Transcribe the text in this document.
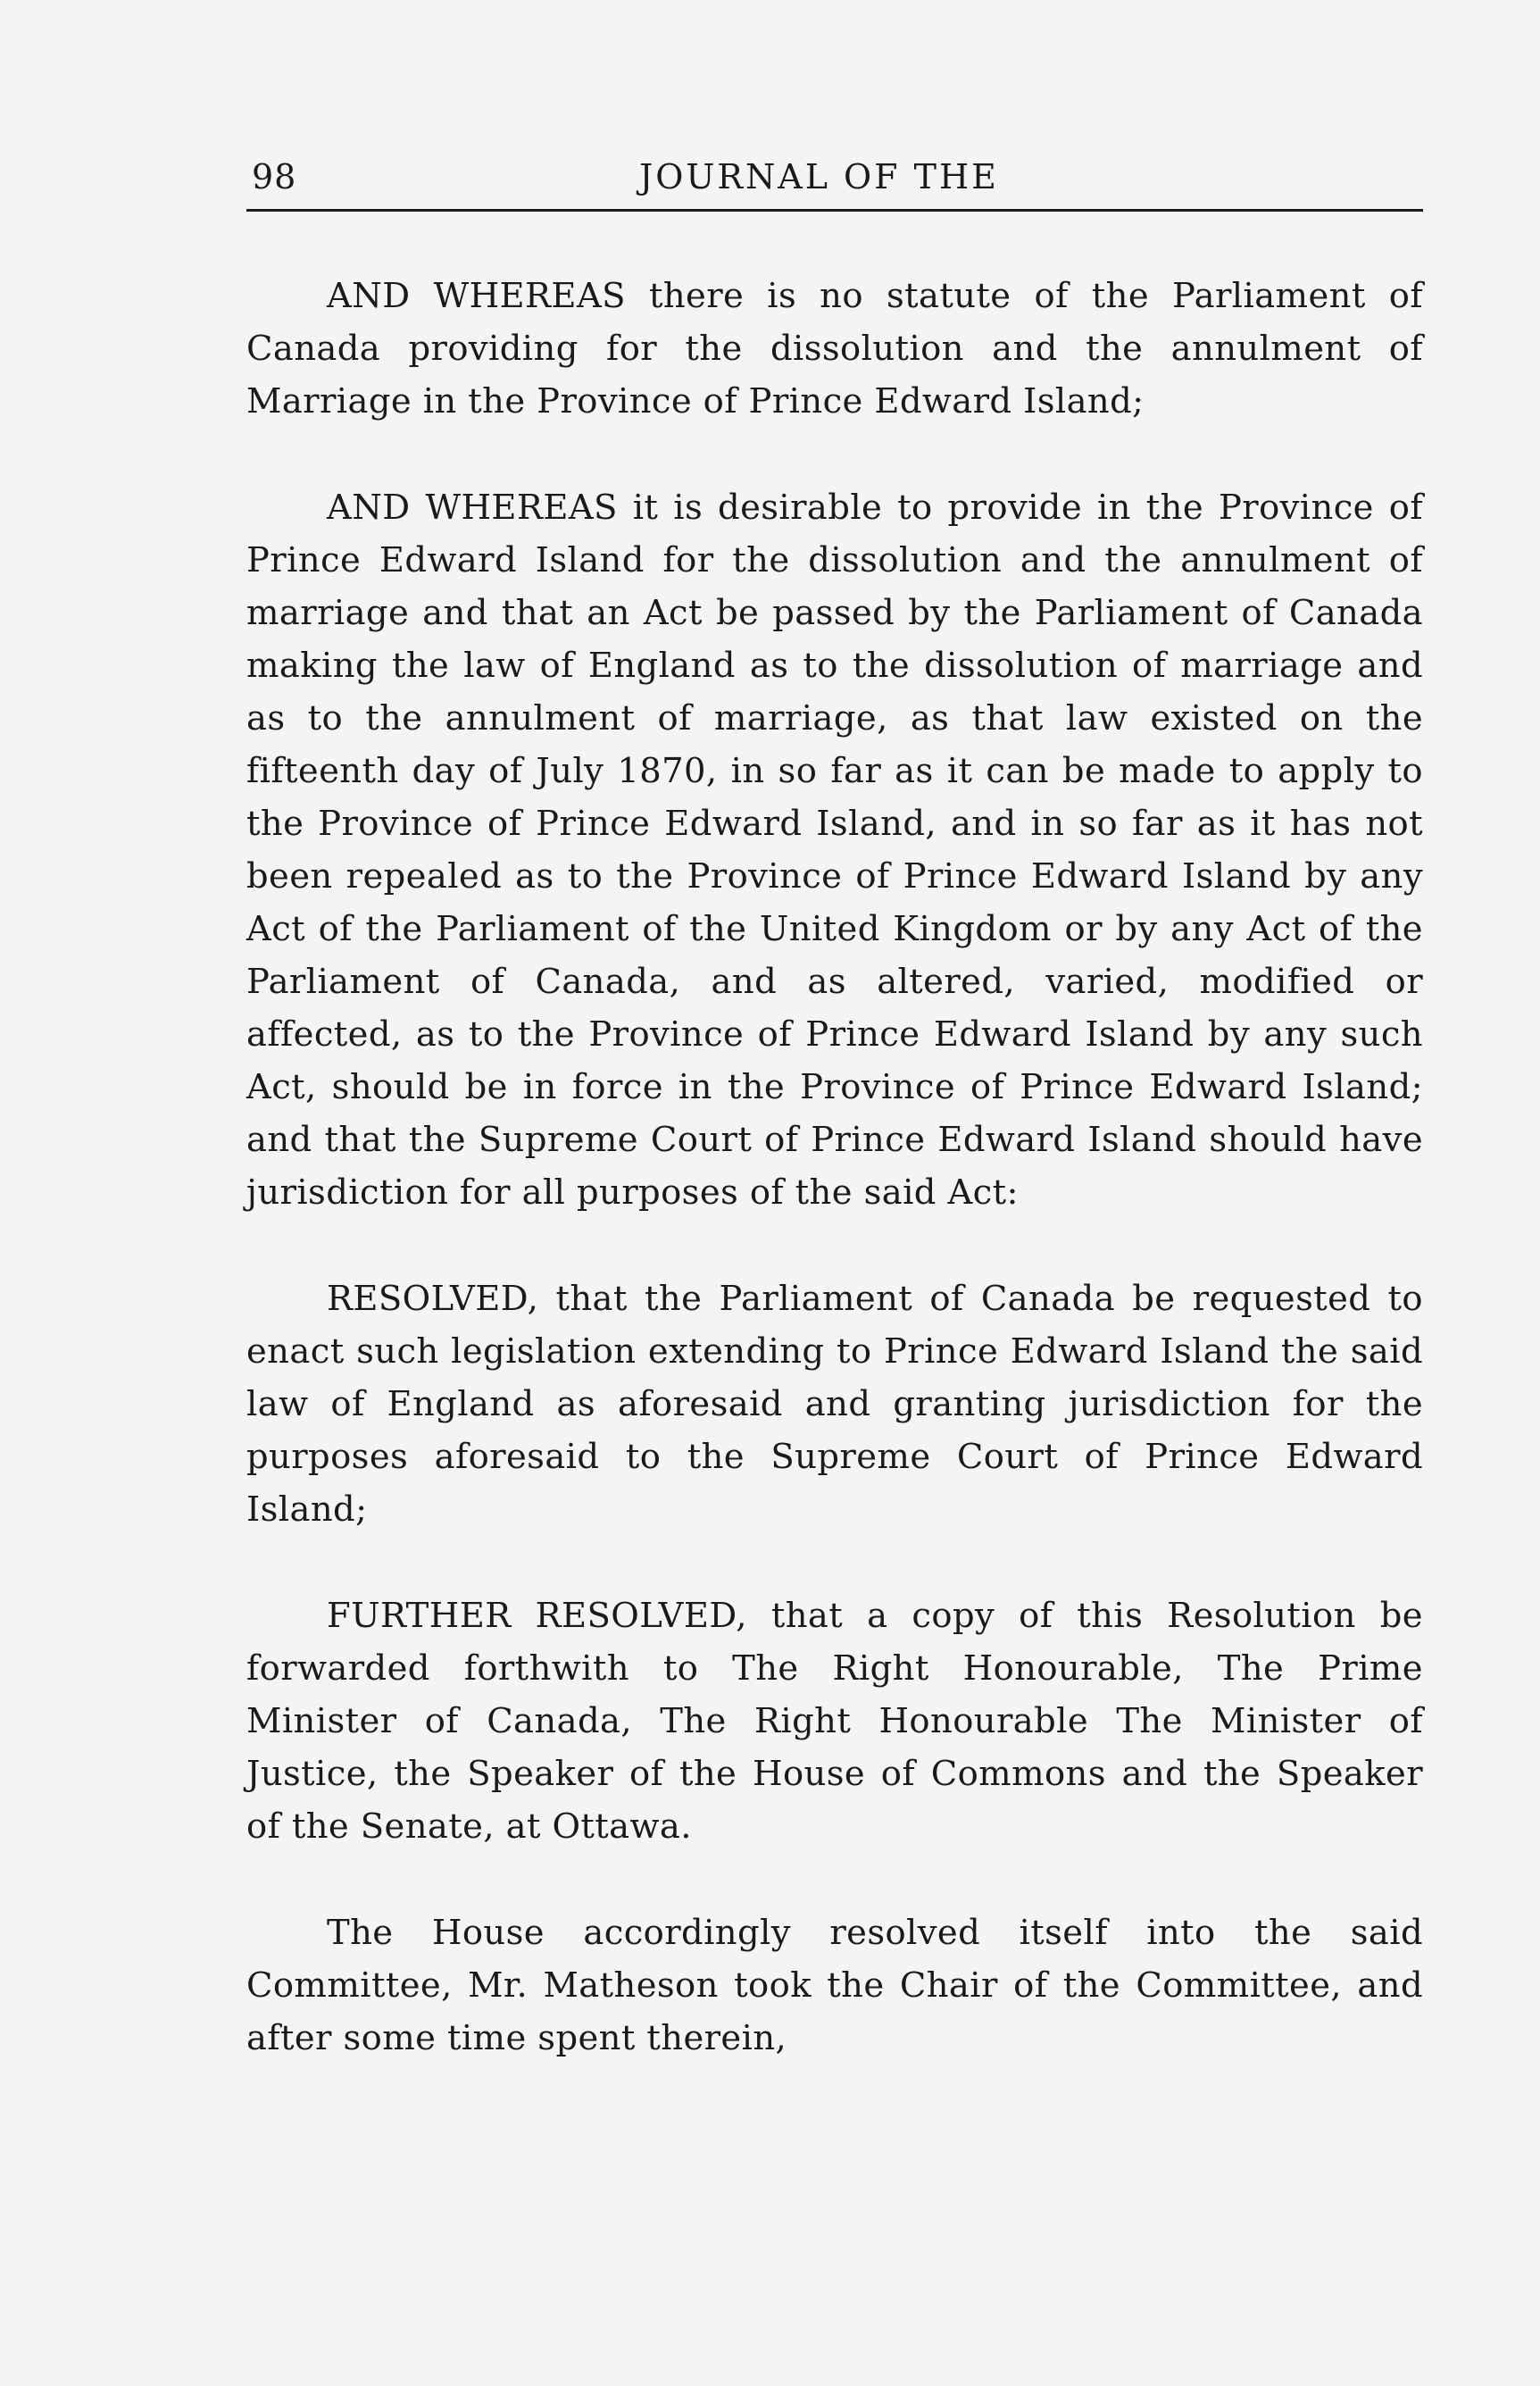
98	JOURNAL OF THE

AND WHEREAS there is no statute of the Parliament of Canada providing for the dissolution and the annulment of Marriage in the Province of Prince Edward Island;

AND WHEREAS it is desirable to provide in the Province of Prince Edward Island for the dissolution and the annulment of marriage and that an Act be passed by the Parliament of Canada making the law of England as to the dissolution of marriage and as to the annulment of marriage, as that law existed on the fifteenth day of July 1870, in so far as it can be made to apply to the Province of Prince Edward Island, and in so far as it has not been repealed as to the Province of Prince Edward Island by any Act of the Parliament of the United Kingdom or by any Act of the Parliament of Canada, and as altered, varied, modified or affected, as to the Province of Prince Edward Island by any such Act, should be in force in the Province of Prince Edward Island; and that the Supreme Court of Prince Edward Island should have jurisdiction for all purposes of the said Act:

RESOLVED, that the Parliament of Canada be requested to enact such legislation extending to Prince Edward Island the said law of England as aforesaid and granting jurisdiction for the purposes aforesaid to the Supreme Court of Prince Edward Island;

FURTHER RESOLVED, that a copy of this Resolution be forwarded forthwith to The Right Honourable, The Prime Minister of Canada, The Right Honourable The Minister of Justice, the Speaker of the House of Commons and the Speaker of the Senate, at Ottawa.

The House accordingly resolved itself into the said Committee, Mr. Matheson took the Chair of the Committee, and after some time spent therein,
